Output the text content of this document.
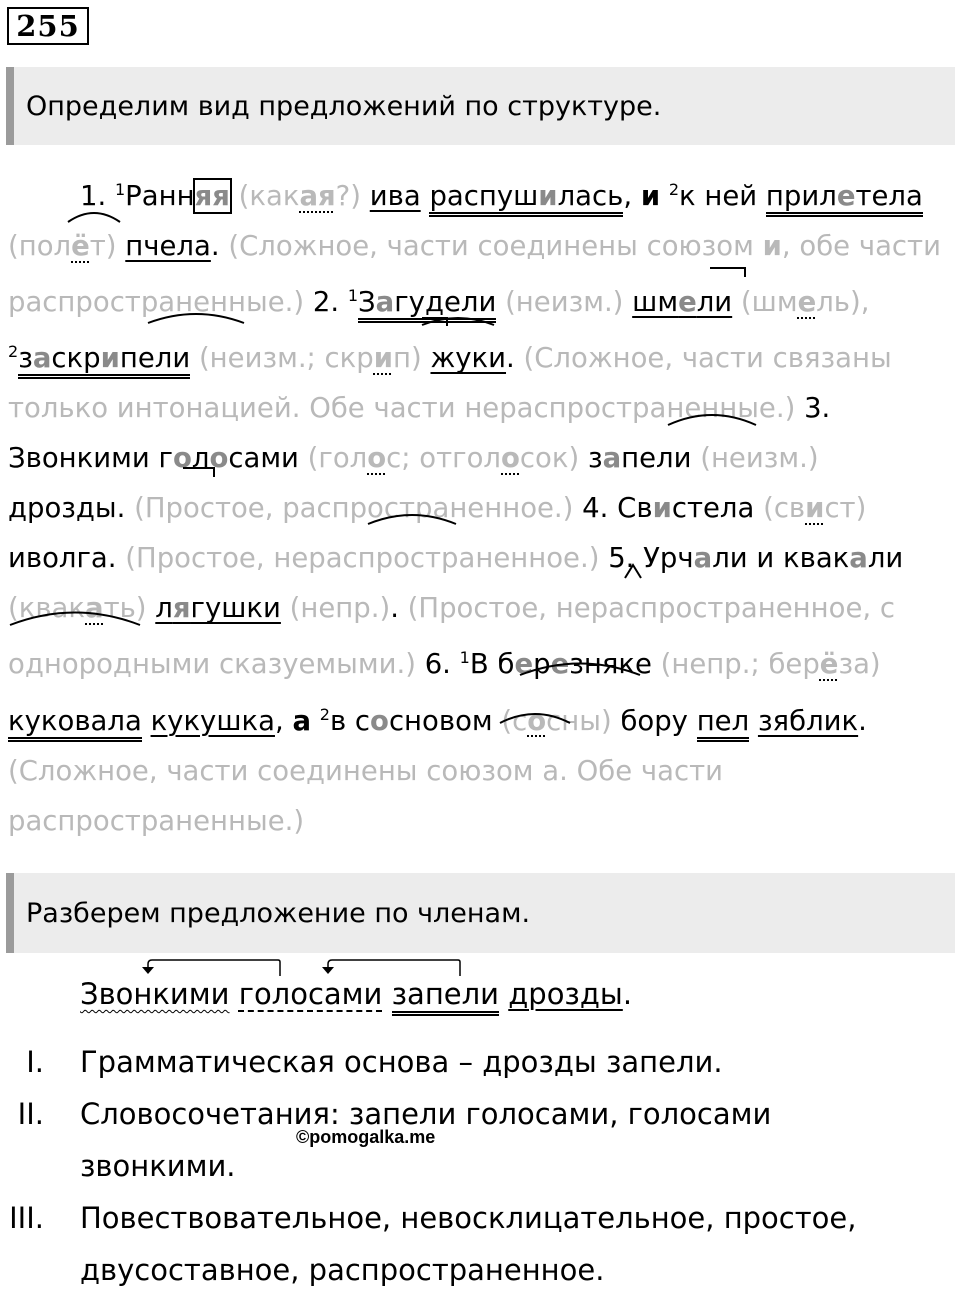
255
Определим вид предложений по структуре.
1. $^1$Ранняя (какая?) ива распушилась, и $^2$к ней прилетела (полёт) пчела. (Сложное, части соединены союзом и, обе части распространенные.) 2. $^1$Загудели (неизм.) шмели (шмель), $^2$заскрипели (неизм.; скрип) жуки. (Сложное, части связаны только интонацией. Обе части нераспространенные.) 3. Звонкими голосами (голос; отголосок) запели (неизм.) дрозды. (Простое, распространенное.) 4. Свистела (свист) иволга. (Простое, нераспространенное.) 5. Урчали и квакали (квакать) лягушки (непр.). (Простое, нераспространенное, с однородными сказуемыми.) 6. $^1$В березняке (непр.; берёза) куковала кукушка, а $^2$в сосновом (сосны) бору пел зяблик. (Сложное, части соединены союзом а. Обе части распространенные.)
Разберем предложение по членам.
Звонкими голосами запели дрозды.
I.	Грамматическая основа – дрозды запели.
II.	Словосочетания: запели голосами, голосами звонкими.
III.	Повествовательное, невосклицательное, простое, двусоставное, распространенное.
©pomogalka.me
